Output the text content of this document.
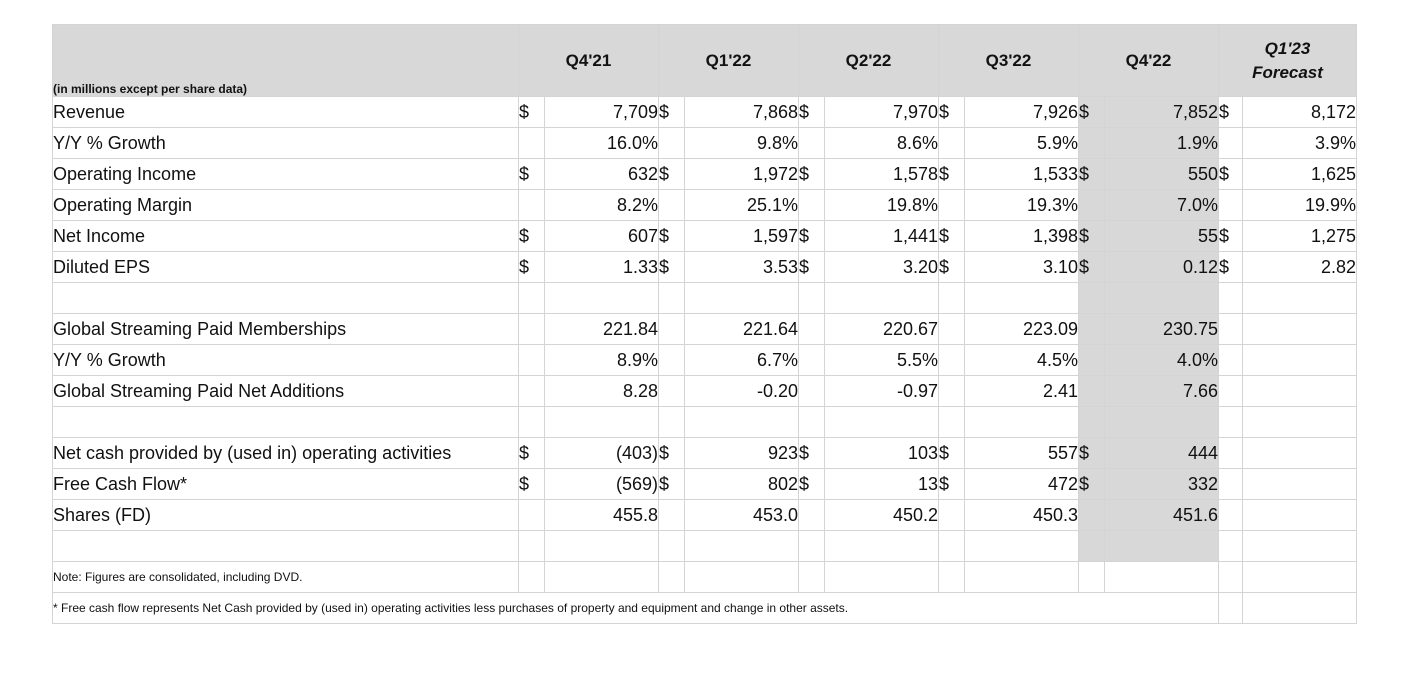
(in millions except per share data)	Q4'21		Q1'22		Q2'22		Q3'22		Q4'22		Q1'23
Forecast	
Revenue	$	7,709	$	7,868	$	7,970	$	7,926	$	7,852	$	8,172
Y/Y % Growth		16.0%		9.8%		8.6%		5.9%		1.9%		3.9%
Operating Income	$	632	$	1,972	$	1,578	$	1,533	$	550	$	1,625
Operating Margin		8.2%		25.1%		19.8%		19.3%		7.0%		19.9%
Net Income	$	607	$	1,597	$	1,441	$	1,398	$	55	$	1,275
Diluted EPS	$	1.33	$	3.53	$	3.20	$	3.10	$	0.12	$	2.82

Global Streaming Paid Memberships		221.84		221.64		220.67		223.09		230.75		
Y/Y % Growth		8.9%		6.7%		5.5%		4.5%		4.0%		
Global Streaming Paid Net Additions		8.28		-0.20		-0.97		2.41		7.66		

Net cash provided by (used in) operating activities	$	(403)	$	923	$	103	$	557	$	444		
Free Cash Flow*	$	(569)	$	802	$	13	$	472	$	332		
Shares (FD)		455.8		453.0		450.2		450.3		451.6		

Note: Figures are consolidated, including DVD.												
* Free cash flow represents Net Cash provided by (used in) operating activities less purchases of property and equipment and change in other assets.												
